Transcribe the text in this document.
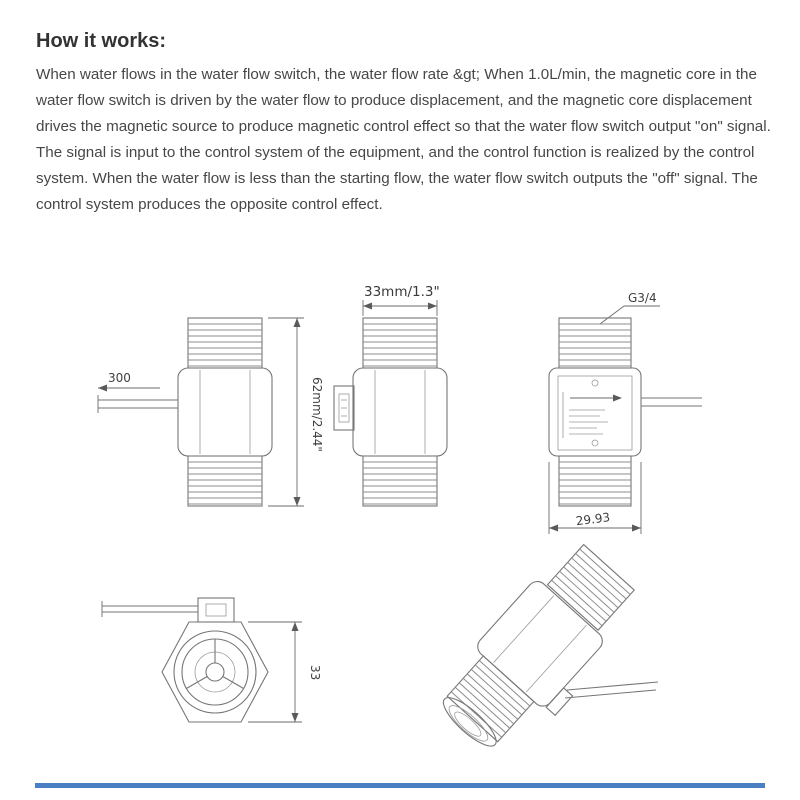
How it works:

When water flows in the water flow switch, the water flow rate &gt; When 1.0L/min, the magnetic core in the water flow switch is driven by the water flow to produce displacement, and the magnetic core displacement drives the magnetic source to produce magnetic control effect so that the water flow switch output "on" signal. The signal is input to the control system of the equipment, and the control function is realized by the control system. When the water flow is less than the starting flow, the water flow switch outputs the "off" signal. The control system produces the opposite control effect.

300	62mm/2.44"
33mm/1.3"	G3/4
29.93
33
